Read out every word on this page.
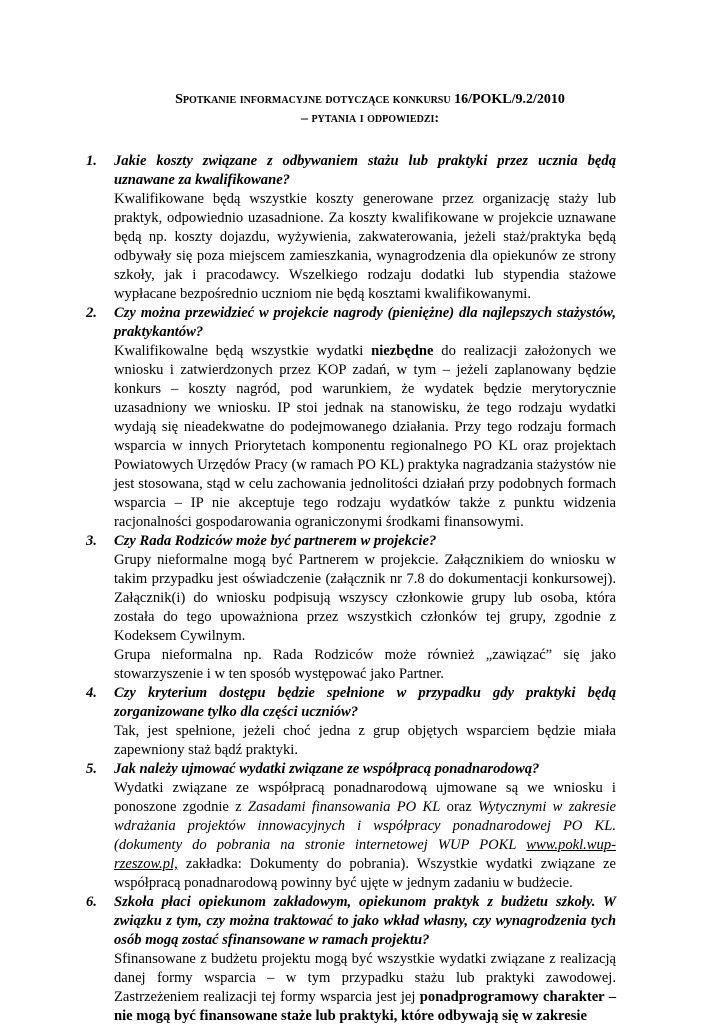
Spotkanie informacyjne dotyczące konkursu 16/POKL/9.2/2010
– pytania i odpowiedzi:
1. Jakie koszty związane z odbywaniem stażu lub praktyki przez ucznia będą uznawane za kwalifikowane?
Kwalifikowane będą wszystkie koszty generowane przez organizację staży lub praktyk, odpowiednio uzasadnione. Za koszty kwalifikowane w projekcie uznawane będą np. koszty dojazdu, wyżywienia, zakwaterowania, jeżeli staż/praktyka będą odbywały się poza miejscem zamieszkania, wynagrodzenia dla opiekunów ze strony szkoły, jak i pracodawcy. Wszelkiego rodzaju dodatki lub stypendia stażowe wypłacane bezpośrednio uczniom nie będą kosztami kwalifikowanymi.
2. Czy można przewidzieć w projekcie nagrody (pieniężne) dla najlepszych stażystów, praktykantów?
Kwalifikowalne będą wszystkie wydatki niezbędne do realizacji założonych we wniosku i zatwierdzonych przez KOP zadań, w tym – jeżeli zaplanowany będzie konkurs – koszty nagród, pod warunkiem, że wydatek będzie merytorycznie uzasadniony we wniosku. IP stoi jednak na stanowisku, że tego rodzaju wydatki wydają się nieadekwatne do podejmowanego działania. Przy tego rodzaju formach wsparcia w innych Priorytetach komponentu regionalnego PO KL oraz projektach Powiatowych Urzędów Pracy (w ramach PO KL) praktyka nagradzania stażystów nie jest stosowana, stąd w celu zachowania jednolitości działań przy podobnych formach wsparcia – IP nie akceptuje tego rodzaju wydatków także z punktu widzenia racjonalności gospodarowania ograniczonymi środkami finansowymi.
3. Czy Rada Rodziców może być partnerem w projekcie?
Grupy nieformalne mogą być Partnerem w projekcie. Załącznikiem do wniosku w takim przypadku jest oświadczenie (załącznik nr 7.8 do dokumentacji konkursowej). Załącznik(i) do wniosku podpisują wszyscy członkowie grupy lub osoba, która została do tego upoważniona przez wszystkich członków tej grupy, zgodnie z Kodeksem Cywilnym.
Grupa nieformalna np. Rada Rodziców może również „zawiązać” się jako stowarzyszenie i w ten sposób występować jako Partner.
4. Czy kryterium dostępu będzie spełnione w przypadku gdy praktyki będą zorganizowane tylko dla części uczniów?
Tak, jest spełnione, jeżeli choć jedna z grup objętych wsparciem będzie miała zapewniony staż bądź praktyki.
5. Jak należy ujmować wydatki związane ze współpracą ponadnarodową?
Wydatki związane ze współpracą ponadnarodową ujmowane są we wniosku i ponoszone zgodnie z Zasadami finansowania PO KL oraz Wytycznymi w zakresie wdrażania projektów innowacyjnych i współpracy ponadnarodowej PO KL.(dokumenty do pobrania na stronie internetowej WUP POKL www.pokl.wup-rzeszow.pl, zakładka: Dokumenty do pobrania). Wszystkie wydatki związane ze współpracą ponadnarodową powinny być ujęte w jednym zadaniu w budżecie.
6. Szkoła płaci opiekunom zakładowym, opiekunom praktyk z budżetu szkoły. W związku z tym, czy można traktować to jako wkład własny, czy wynagrodzenia tych osób mogą zostać sfinansowane w ramach projektu?
Sfinansowane z budżetu projektu mogą być wszystkie wydatki związane z realizacją danej formy wsparcia – w tym przypadku stażu lub praktyki zawodowej. Zastrzeżeniem realizacji tej formy wsparcia jest jej ponadprogramowy charakter – nie mogą być finansowane staże lub praktyki, które odbywają się w zakresie
